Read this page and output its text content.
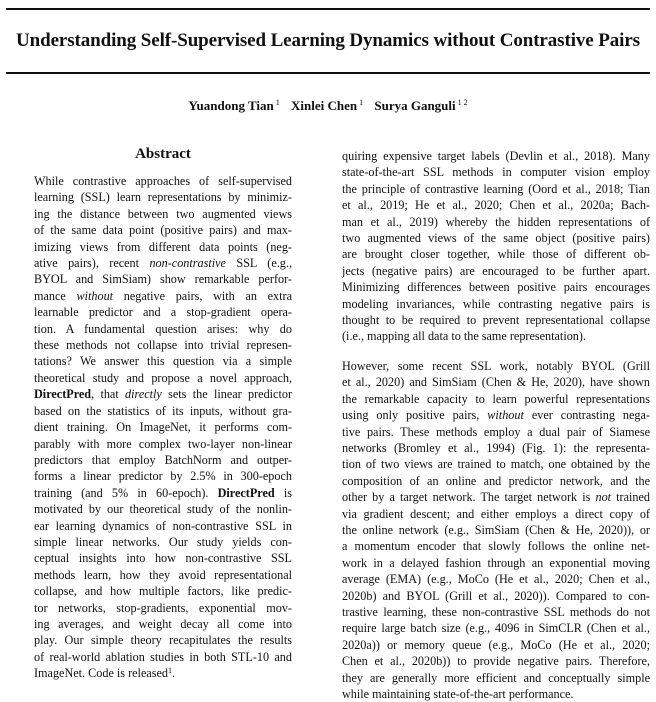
Understanding Self-Supervised Learning Dynamics without Contrastive Pairs
Yuandong Tian $^1$ Xinlei Chen $^1$ Surya Ganguli $^{1 2}$
Abstract
While contrastive approaches of self-supervised
learning (SSL) learn representations by minimiz-
ing the distance between two augmented views
of the same data point (positive pairs) and max-
imizing views from different data points (neg-
ative pairs), recent non-contrastive SSL (e.g.,
BYOL and SimSiam) show remarkable perfor-
mance without negative pairs, with an extra
learnable predictor and a stop-gradient opera-
tion. A fundamental question arises: why do
these methods not collapse into trivial represen-
tations? We answer this question via a simple
theoretical study and propose a novel approach,
DirectPred, that directly sets the linear predictor
based on the statistics of its inputs, without gra-
dient training. On ImageNet, it performs com-
parably with more complex two-layer non-linear
predictors that employ BatchNorm and outper-
forms a linear predictor by 2.5% in 300-epoch
training (and 5% in 60-epoch). DirectPred is
motivated by our theoretical study of the nonlin-
ear learning dynamics of non-contrastive SSL in
simple linear networks. Our study yields con-
ceptual insights into how non-contrastive SSL
methods learn, how they avoid representational
collapse, and how multiple factors, like predic-
tor networks, stop-gradients, exponential mov-
ing averages, and weight decay all come into
play. Our simple theory recapitulates the results
of real-world ablation studies in both STL-10 and
ImageNet. Code is released$^1$.
quiring expensive target labels (Devlin et al., 2018). Many
state-of-the-art SSL methods in computer vision employ
the principle of contrastive learning (Oord et al., 2018; Tian
et al., 2019; He et al., 2020; Chen et al., 2020a; Bach-
man et al., 2019) whereby the hidden representations of
two augmented views of the same object (positive pairs)
are brought closer together, while those of different ob-
jects (negative pairs) are encouraged to be further apart.
Minimizing differences between positive pairs encourages
modeling invariances, while contrasting negative pairs is
thought to be required to prevent representational collapse
(i.e., mapping all data to the same representation).
However, some recent SSL work, notably BYOL (Grill
et al., 2020) and SimSiam (Chen & He, 2020), have shown
the remarkable capacity to learn powerful representations
using only positive pairs, without ever contrasting nega-
tive pairs. These methods employ a dual pair of Siamese
networks (Bromley et al., 1994) (Fig. 1): the representa-
tion of two views are trained to match, one obtained by the
composition of an online and predictor network, and the
other by a target network. The target network is not trained
via gradient descent; and either employs a direct copy of
the online network (e.g., SimSiam (Chen & He, 2020)), or
a momentum encoder that slowly follows the online net-
work in a delayed fashion through an exponential moving
average (EMA) (e.g., MoCo (He et al., 2020; Chen et al.,
2020b) and BYOL (Grill et al., 2020)). Compared to con-
trastive learning, these non-contrastive SSL methods do not
require large batch size (e.g., 4096 in SimCLR (Chen et al.,
2020a)) or memory queue (e.g., MoCo (He et al., 2020;
Chen et al., 2020b)) to provide negative pairs. Therefore,
they are generally more efficient and conceptually simple
while maintaining state-of-the-art performance.
